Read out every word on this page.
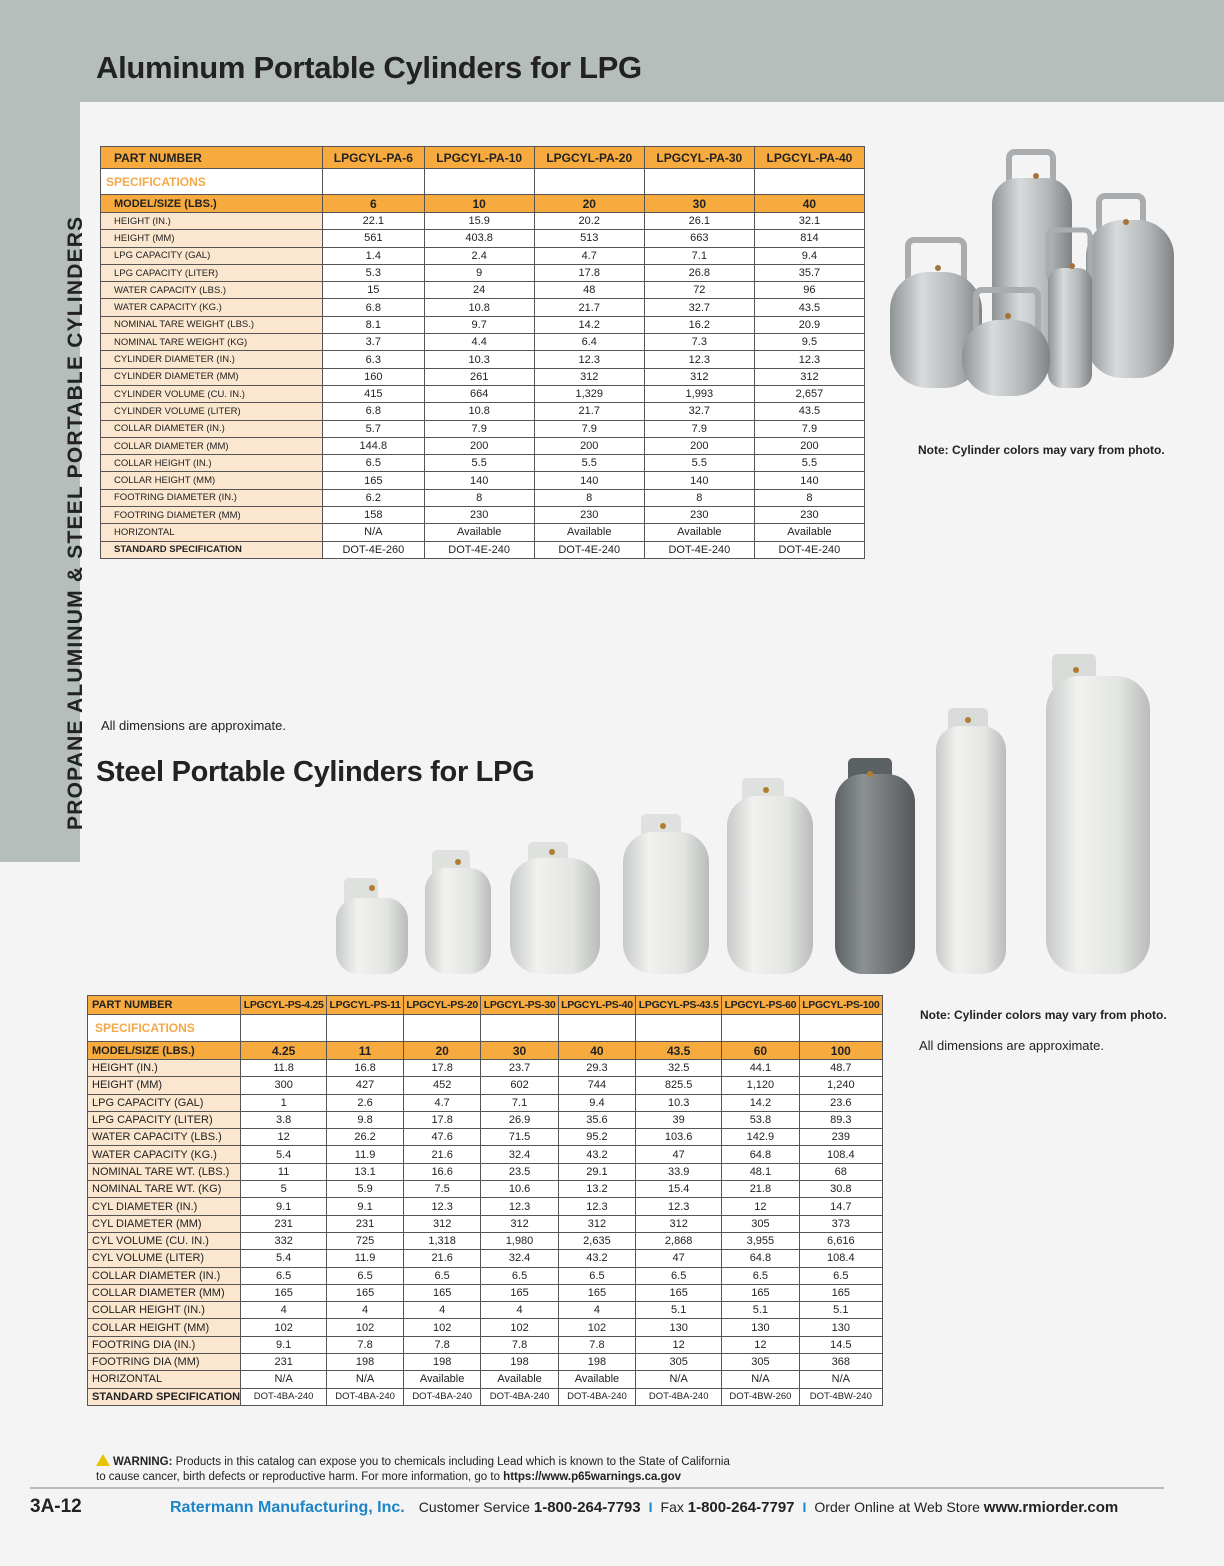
Aluminum Portable Cylinders for LPG
PROPANE ALUMINUM & STEEL PORTABLE CYLINDERS
PART NUMBER	LPGCYL-PA-6	LPGCYL-PA-10	LPGCYL-PA-20	LPGCYL-PA-30	LPGCYL-PA-40
SPECIFICATIONS					
MODEL/SIZE (LBS.)	6	10	20	30	40
HEIGHT (IN.)	22.1	15.9	20.2	26.1	32.1
HEIGHT (MM)	561	403.8	513	663	814
LPG CAPACITY (GAL)	1.4	2.4	4.7	7.1	9.4
LPG CAPACITY (LITER)	5.3	9	17.8	26.8	35.7
WATER CAPACITY (LBS.)	15	24	48	72	96
WATER CAPACITY (KG.)	6.8	10.8	21.7	32.7	43.5
NOMINAL TARE WEIGHT (LBS.)	8.1	9.7	14.2	16.2	20.9
NOMINAL TARE WEIGHT (KG)	3.7	4.4	6.4	7.3	9.5
CYLINDER DIAMETER (IN.)	6.3	10.3	12.3	12.3	12.3
CYLINDER DIAMETER (MM)	160	261	312	312	312
CYLINDER VOLUME (CU. IN.)	415	664	1,329	1,993	2,657
CYLINDER VOLUME (LITER)	6.8	10.8	21.7	32.7	43.5
COLLAR DIAMETER (IN.)	5.7	7.9	7.9	7.9	7.9
COLLAR DIAMETER (MM)	144.8	200	200	200	200
COLLAR HEIGHT (IN.)	6.5	5.5	5.5	5.5	5.5
COLLAR HEIGHT (MM)	165	140	140	140	140
FOOTRING DIAMETER (IN.)	6.2	8	8	8	8
FOOTRING DIAMETER (MM)	158	230	230	230	230
HORIZONTAL	N/A	Available	Available	Available	Available
STANDARD SPECIFICATION	DOT-4E-260	DOT-4E-240	DOT-4E-240	DOT-4E-240	DOT-4E-240
Note: Cylinder colors may vary from photo.
All dimensions are approximate.
Steel Portable Cylinders for LPG
PART NUMBER	LPGCYL-PS-4.25	LPGCYL-PS-11	LPGCYL-PS-20	LPGCYL-PS-30	LPGCYL-PS-40	LPGCYL-PS-43.5	LPGCYL-PS-60	LPGCYL-PS-100
SPECIFICATIONS								
MODEL/SIZE (LBS.)	4.25	11	20	30	40	43.5	60	100
HEIGHT (IN.)	11.8	16.8	17.8	23.7	29.3	32.5	44.1	48.7
HEIGHT (MM)	300	427	452	602	744	825.5	1,120	1,240
LPG CAPACITY (GAL)	1	2.6	4.7	7.1	9.4	10.3	14.2	23.6
LPG CAPACITY (LITER)	3.8	9.8	17.8	26.9	35.6	39	53.8	89.3
WATER CAPACITY (LBS.)	12	26.2	47.6	71.5	95.2	103.6	142.9	239
WATER CAPACITY (KG.)	5.4	11.9	21.6	32.4	43.2	47	64.8	108.4
NOMINAL TARE WT. (LBS.)	11	13.1	16.6	23.5	29.1	33.9	48.1	68
NOMINAL TARE WT. (KG)	5	5.9	7.5	10.6	13.2	15.4	21.8	30.8
CYL DIAMETER (IN.)	9.1	9.1	12.3	12.3	12.3	12.3	12	14.7
CYL DIAMETER (MM)	231	231	312	312	312	312	305	373
CYL VOLUME (CU. IN.)	332	725	1,318	1,980	2,635	2,868	3,955	6,616
CYL VOLUME (LITER)	5.4	11.9	21.6	32.4	43.2	47	64.8	108.4
COLLAR DIAMETER (IN.)	6.5	6.5	6.5	6.5	6.5	6.5	6.5	6.5
COLLAR DIAMETER (MM)	165	165	165	165	165	165	165	165
COLLAR HEIGHT (IN.)	4	4	4	4	4	5.1	5.1	5.1
COLLAR HEIGHT (MM)	102	102	102	102	102	130	130	130
FOOTRING DIA (IN.)	9.1	7.8	7.8	7.8	7.8	12	12	14.5
FOOTRING DIA (MM)	231	198	198	198	198	305	305	368
HORIZONTAL	N/A	N/A	Available	Available	Available	N/A	N/A	N/A
STANDARD SPECIFICATION	DOT-4BA-240	DOT-4BA-240	DOT-4BA-240	DOT-4BA-240	DOT-4BA-240	DOT-4BA-240	DOT-4BW-260	DOT-4BW-240
Note: Cylinder colors may vary from photo.
All dimensions are approximate.
WARNING: Products in this catalog can expose you to chemicals including Lead which is known to the State of California
to cause cancer, birth defects or reproductive harm. For more information, go to https://www.p65warnings.ca.gov
3A-12	Ratermann Manufacturing, Inc. Customer Service
1-800-264-7793 I Fax
1-800-264-7797 I Order Online at Web Store
www.rmiorder.com
